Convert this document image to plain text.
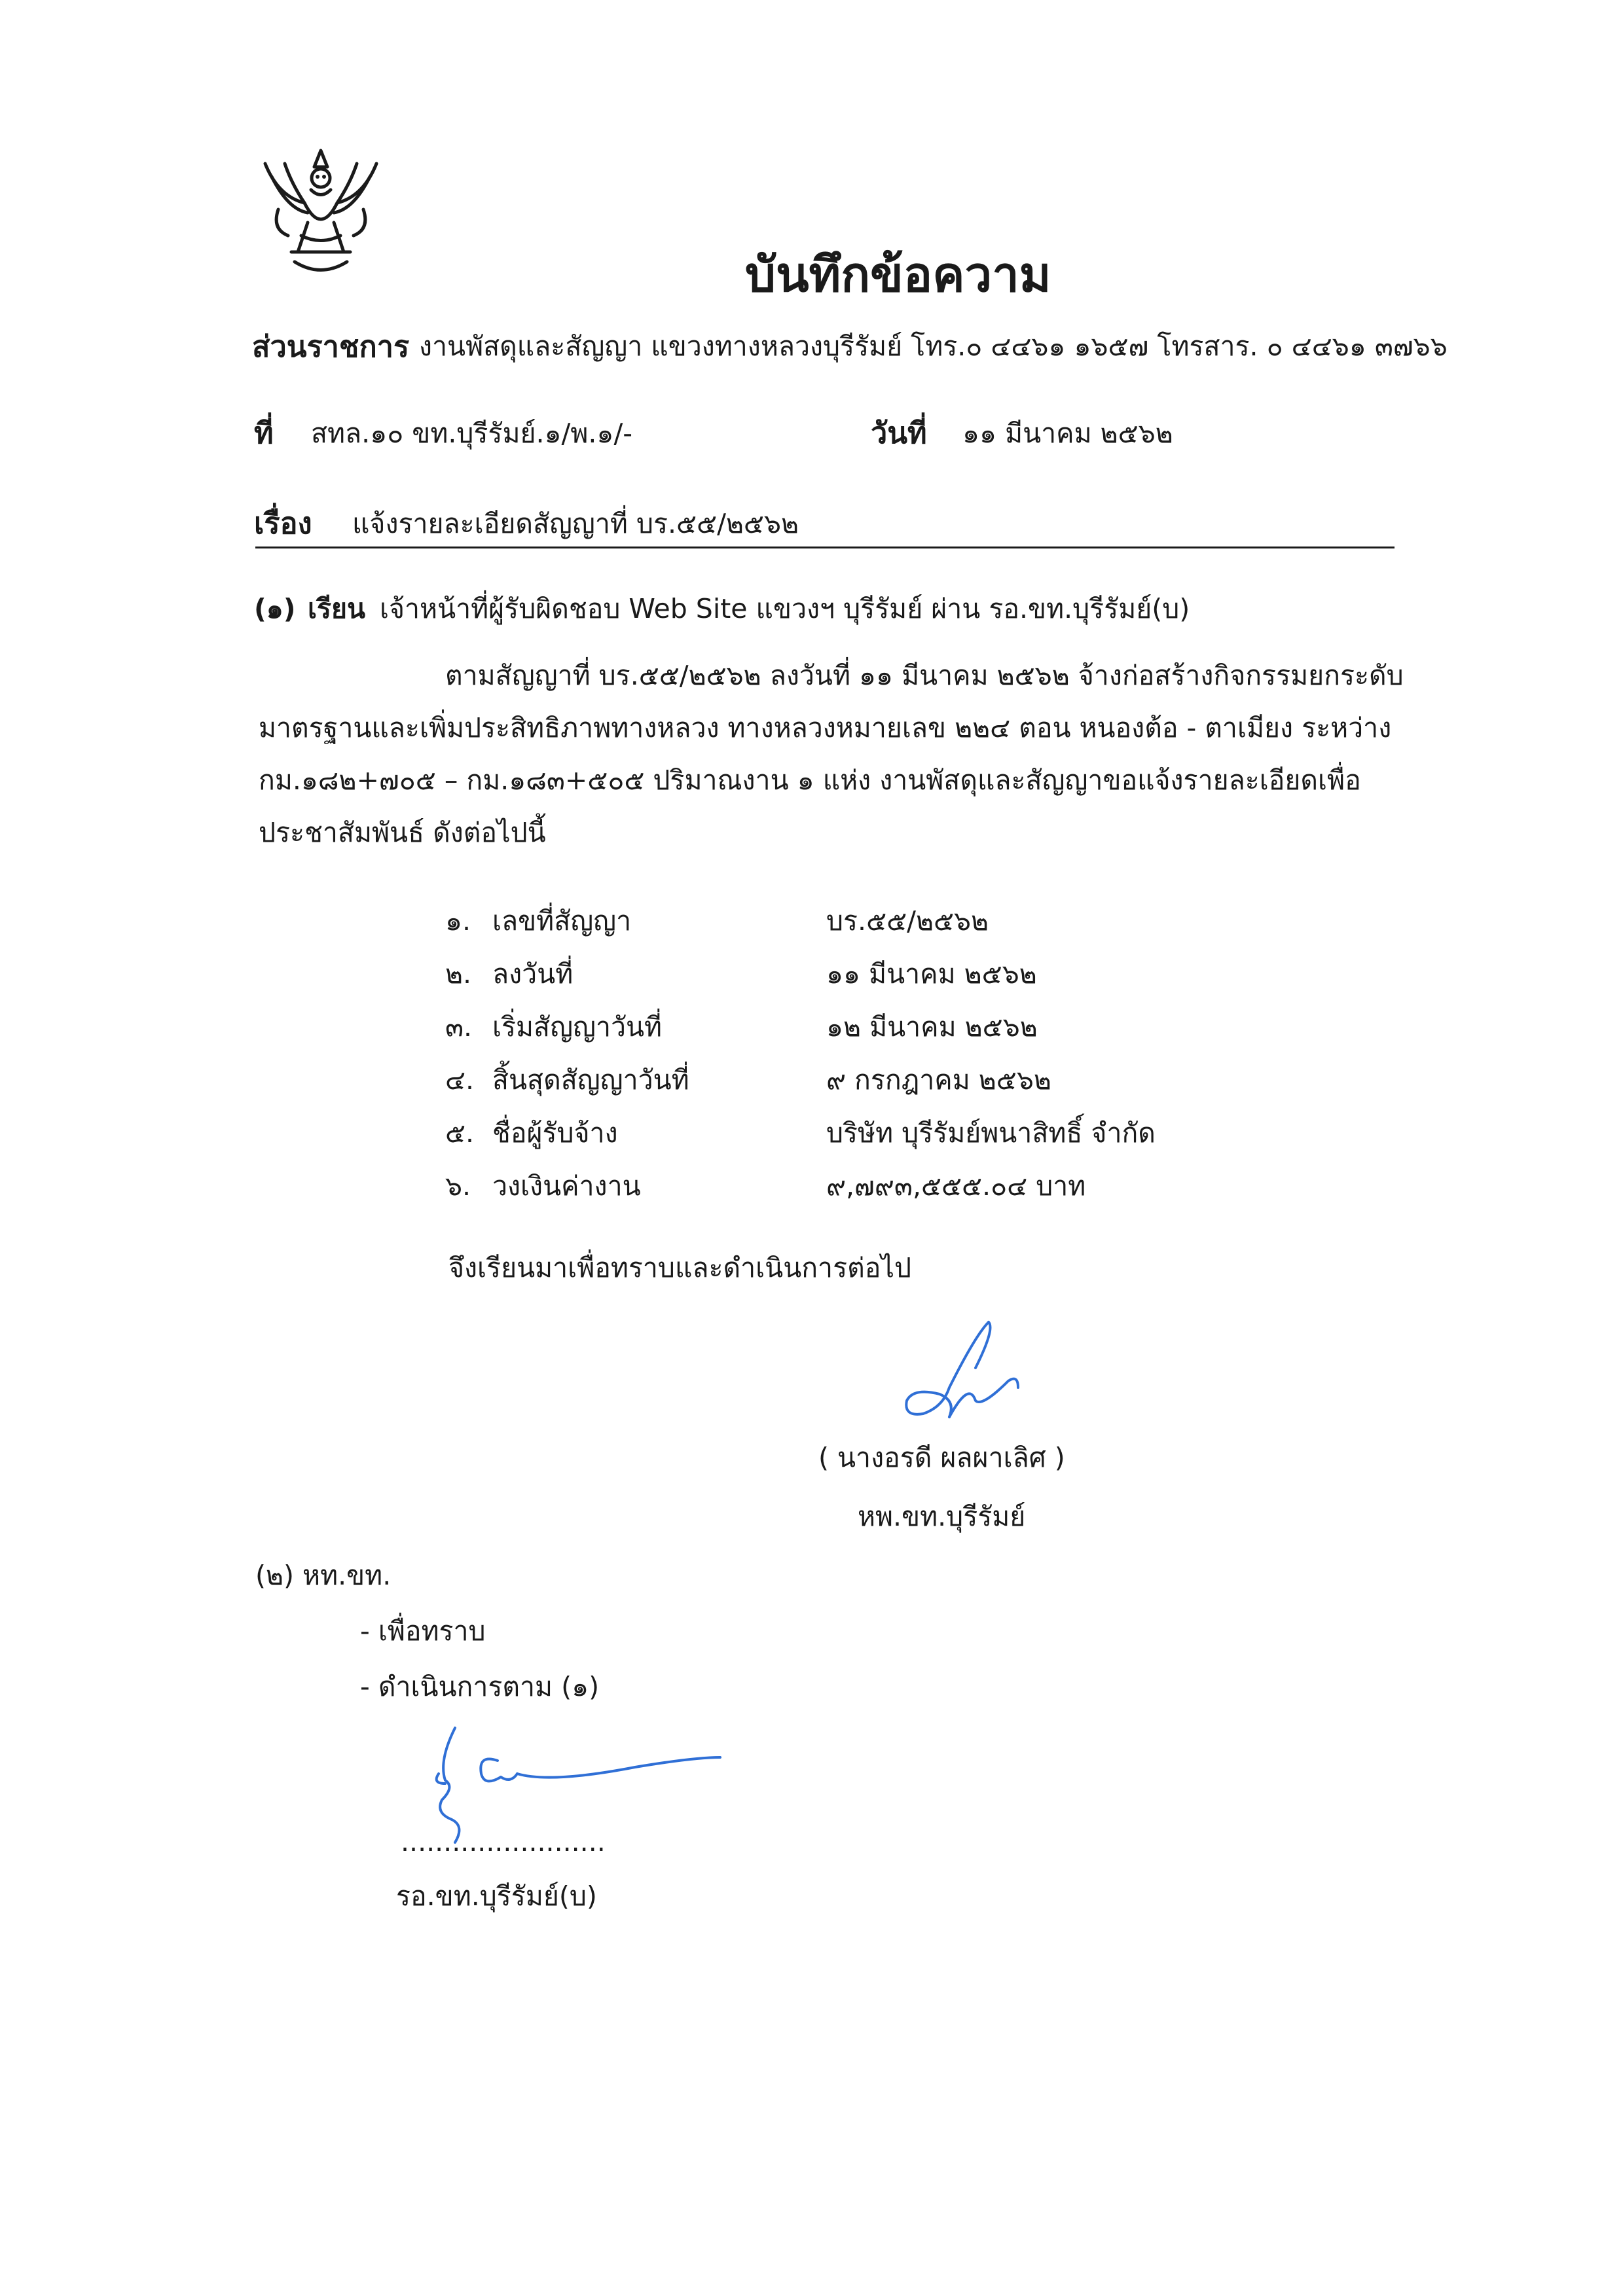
บันทึกข้อความ
ส่วนราชการ งานพัสดุและสัญญา แขวงทางหลวงบุรีรัมย์ โทร.๐ ๔๔๖๑ ๑๖๕๗ โทรสาร. ๐ ๔๔๖๑ ๓๗๖๖
ที่ สทล.๑๐ ขท.บุรีรัมย์.๑/พ.๑/-	วันที่ ๑๑ มีนาคม ๒๕๖๒
เรื่อง แจ้งรายละเอียดสัญญาที่ บร.๕๕/๒๕๖๒
(๑) เรียน เจ้าหน้าที่ผู้รับผิดชอบ Web Site แขวงฯ บุรีรัมย์ ผ่าน รอ.ขท.บุรีรัมย์(บ)
ตามสัญญาที่ บร.๕๕/๒๕๖๒ ลงวันที่ ๑๑ มีนาคม ๒๕๖๒ จ้างก่อสร้างกิจกรรมยกระดับ
มาตรฐานและเพิ่มประสิทธิภาพทางหลวง ทางหลวงหมายเลข ๒๒๔ ตอน หนองต้อ - ตาเมียง ระหว่าง
กม.๑๘๒+๗๐๕ – กม.๑๘๓+๕๐๕ ปริมาณงาน ๑ แห่ง งานพัสดุและสัญญาขอแจ้งรายละเอียดเพื่อ
ประชาสัมพันธ์ ดังต่อไปนี้
๑. เลขที่สัญญา	บร.๕๕/๒๕๖๒
๒. ลงวันที่	๑๑ มีนาคม ๒๕๖๒
๓. เริ่มสัญญาวันที่	๑๒ มีนาคม ๒๕๖๒
๔. สิ้นสุดสัญญาวันที่	๙ กรกฎาคม ๒๕๖๒
๕. ชื่อผู้รับจ้าง	บริษัท บุรีรัมย์พนาสิทธิ์ จำกัด
๖. วงเงินค่างาน	๙,๗๙๓,๕๕๕.๐๔ บาท
จึงเรียนมาเพื่อทราบและดำเนินการต่อไป
( นางอรดี ผลผาเลิศ )
หพ.ขท.บุรีรัมย์
(๒) หท.ขท.
- เพื่อทราบ
- ดำเนินการตาม (๑)
........................
รอ.ขท.บุรีรัมย์(บ)
